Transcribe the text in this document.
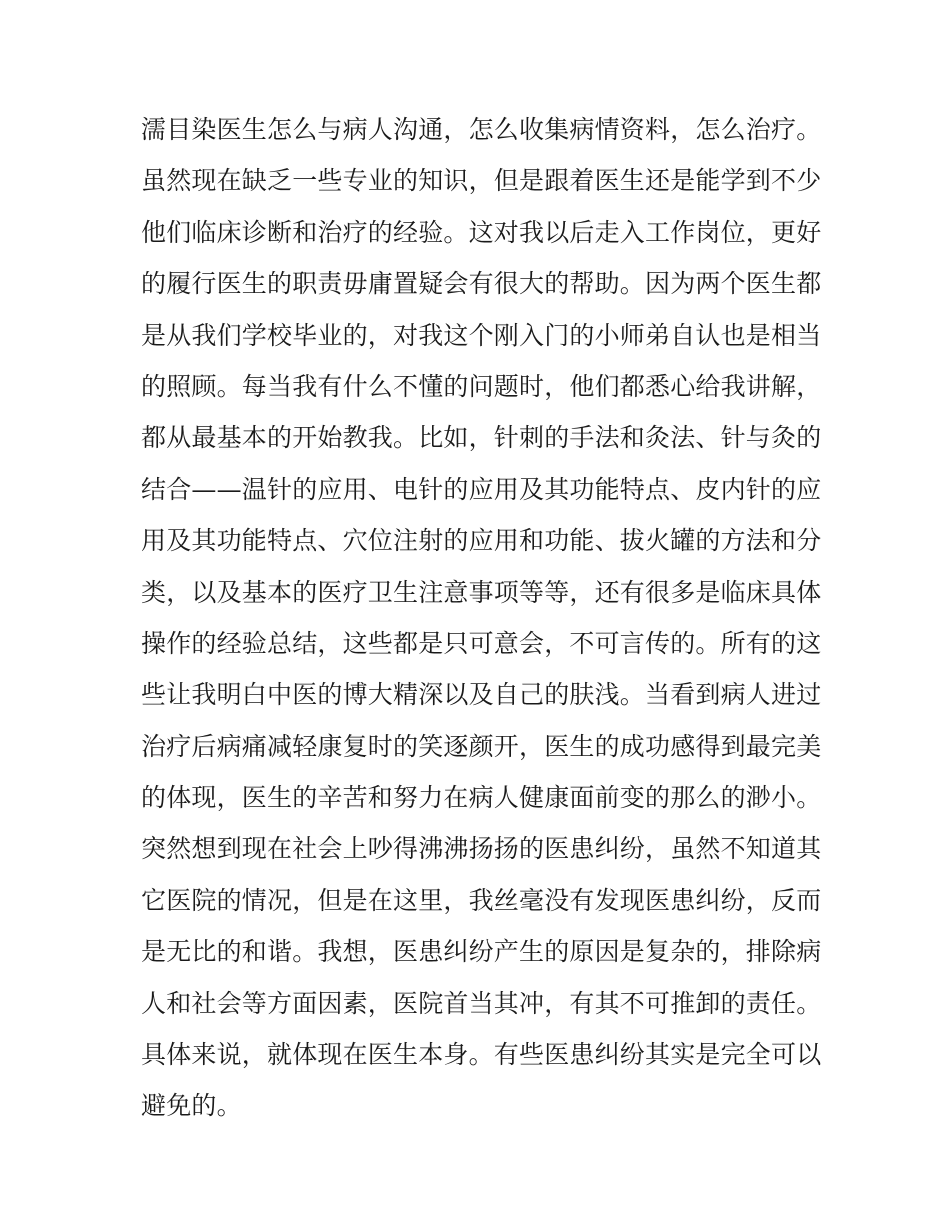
濡目染医生怎么与病人沟通，怎么收集病情资料，怎么治疗。
虽然现在缺乏一些专业的知识，但是跟着医生还是能学到不少
他们临床诊断和治疗的经验。这对我以后走入工作岗位，更好
的履行医生的职责毋庸置疑会有很大的帮助。因为两个医生都
是从我们学校毕业的，对我这个刚入门的小师弟自认也是相当
的照顾。每当我有什么不懂的问题时，他们都悉心给我讲解，
都从最基本的开始教我。比如，针刺的手法和灸法、针与灸的
结合——温针的应用、电针的应用及其功能特点、皮内针的应
用及其功能特点、穴位注射的应用和功能、拔火罐的方法和分
类，以及基本的医疗卫生注意事项等等，还有很多是临床具体
操作的经验总结，这些都是只可意会，不可言传的。所有的这
些让我明白中医的博大精深以及自己的肤浅。当看到病人进过
治疗后病痛减轻康复时的笑逐颜开，医生的成功感得到最完美
的体现，医生的辛苦和努力在病人健康面前变的那么的渺小。
突然想到现在社会上吵得沸沸扬扬的医患纠纷，虽然不知道其
它医院的情况，但是在这里，我丝毫没有发现医患纠纷，反而
是无比的和谐。我想，医患纠纷产生的原因是复杂的，排除病
人和社会等方面因素，医院首当其冲，有其不可推卸的责任。
具体来说，就体现在医生本身。有些医患纠纷其实是完全可以
避免的。
